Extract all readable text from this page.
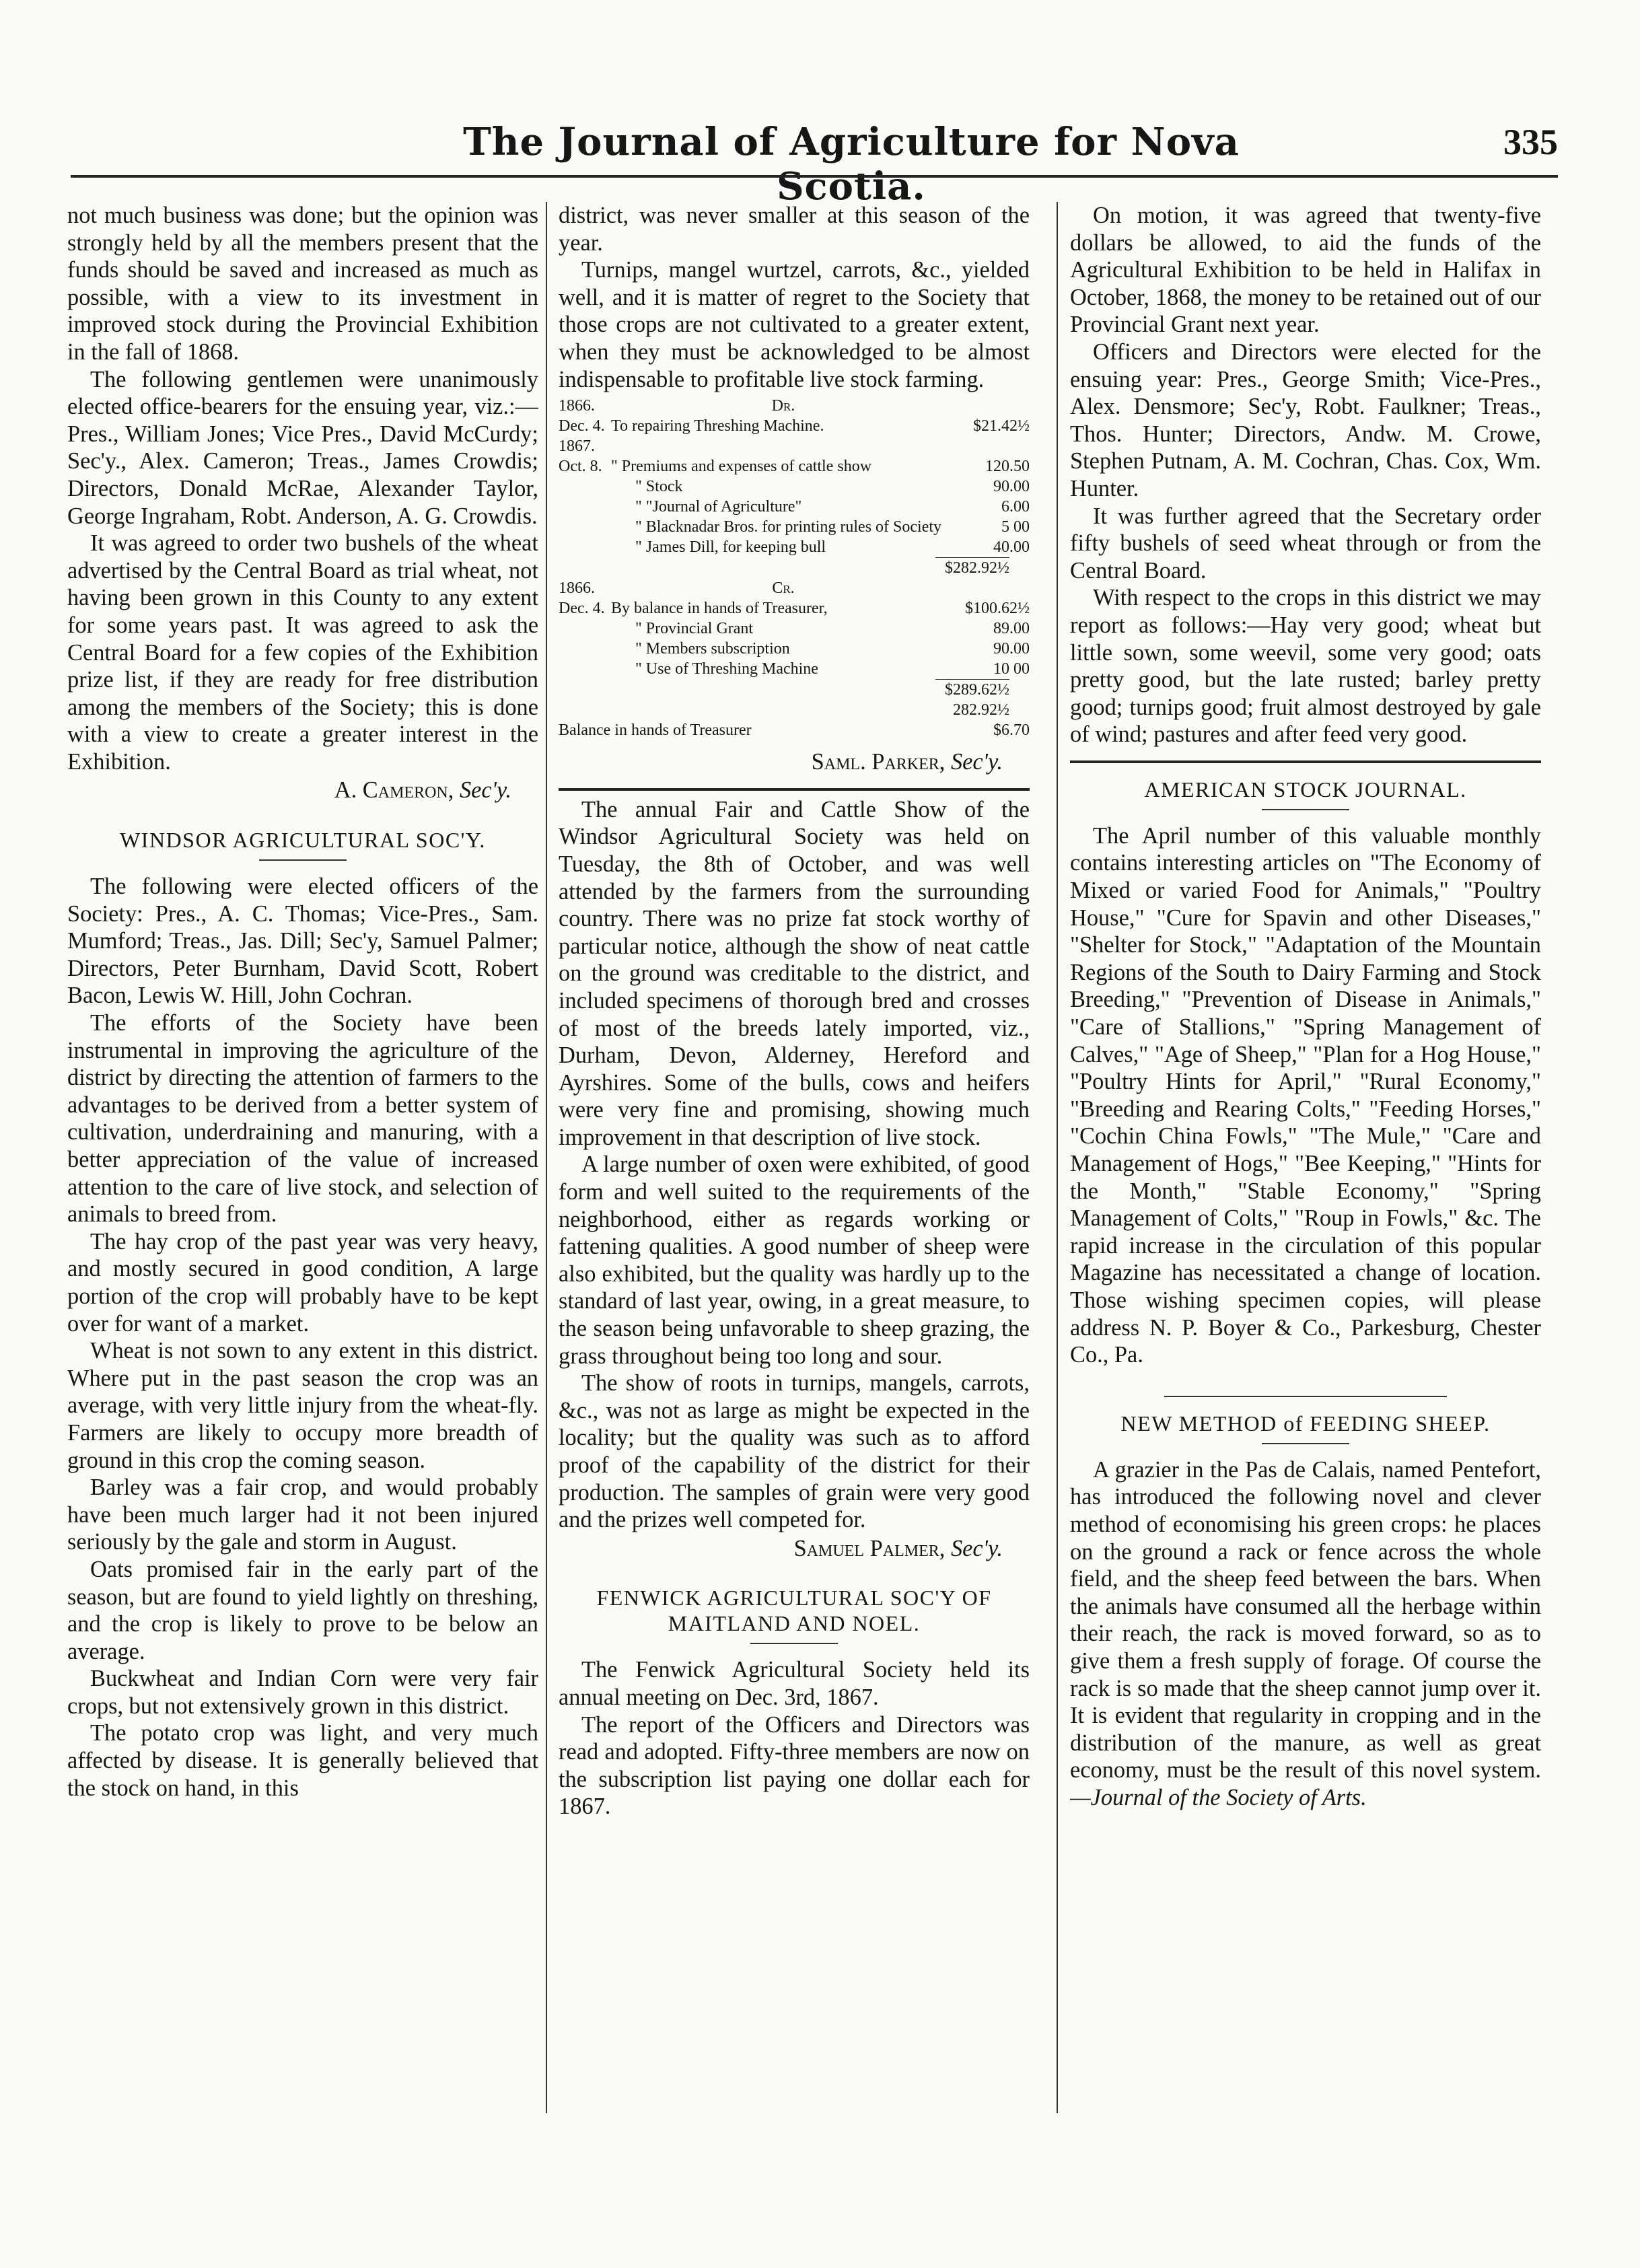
The Journal of Agriculture for Nova Scotia.
335

not much business was done; but the opinion was strongly held by all the members present that the funds should be saved and increased as much as possible, with a view to its investment in improved stock during the Provincial Exhibition in the fall of 1868.

The following gentlemen were unanimously elected office-bearers for the ensuing year, viz.:—Pres., William Jones; Vice Pres., David McCurdy; Sec'y., Alex. Cameron; Treas., James Crowdis; Directors, Donald McRae, Alexander Taylor, George Ingraham, Robt. Anderson, A. G. Crowdis.

It was agreed to order two bushels of the wheat advertised by the Central Board as trial wheat, not having been grown in this County to any extent for some years past. It was agreed to ask the Central Board for a few copies of the Exhibition prize list, if they are ready for free distribution among the members of the Society; this is done with a view to create a greater interest in the Exhibition.

A. Cameron, Sec'y.
WINDSOR AGRICULTURAL SOC'Y.

The following were elected officers of the Society: Pres., A. C. Thomas; Vice-Pres., Sam. Mumford; Treas., Jas. Dill; Sec'y, Samuel Palmer; Directors, Peter Burnham, David Scott, Robert Bacon, Lewis W. Hill, John Cochran.

The efforts of the Society have been instrumental in improving the agriculture of the district by directing the attention of farmers to the advantages to be derived from a better system of cultivation, underdraining and manuring, with a better appreciation of the value of increased attention to the care of live stock, and selection of animals to breed from.

The hay crop of the past year was very heavy, and mostly secured in good condition, A large portion of the crop will probably have to be kept over for want of a market.

Wheat is not sown to any extent in this district. Where put in the past season the crop was an average, with very little injury from the wheat-fly. Farmers are likely to occupy more breadth of ground in this crop the coming season.

Barley was a fair crop, and would probably have been much larger had it not been injured seriously by the gale and storm in August.

Oats promised fair in the early part of the season, but are found to yield lightly on threshing, and the crop is likely to prove to be below an average.

Buckwheat and Indian Corn were very fair crops, but not extensively grown in this district.

The potato crop was light, and very much affected by disease. It is generally believed that the stock on hand, in this

district, was never smaller at this season of the year.

Turnips, mangel wurtzel, carrots, &c., yielded well, and it is matter of regret to the Society that those crops are not cultivated to a greater extent, when they must be acknowledged to be almost indispensable to profitable live stock farming.

1866.	Dr.
Dec. 4. To repairing Threshing Machine.	$21.42½
1867.
Oct. 8. " Premiums and expenses of cattle show	120.50
" Stock	90.00
" "Journal of Agriculture"	6.00
" Blacknadar Bros. for printing rules of Society	5 00
" James Dill, for keeping bull	40.00
$282.92½
1866.	Cr.
Dec. 4. By balance in hands of Treasurer,	$100.62½
" Provincial Grant	89.00
" Members subscription	90.00
" Use of Threshing Machine	10 00
$289.62½
282.92½
Balance in hands of Treasurer	$6.70
Saml. Parker, Sec'y.

The annual Fair and Cattle Show of the Windsor Agricultural Society was held on Tuesday, the 8th of October, and was well attended by the farmers from the surrounding country. There was no prize fat stock worthy of particular notice, although the show of neat cattle on the ground was creditable to the district, and included specimens of thorough bred and crosses of most of the breeds lately imported, viz., Durham, Devon, Alderney, Hereford and Ayrshires. Some of the bulls, cows and heifers were very fine and promising, showing much improvement in that description of live stock.

A large number of oxen were exhibited, of good form and well suited to the requirements of the neighborhood, either as regards working or fattening qualities. A good number of sheep were also exhibited, but the quality was hardly up to the standard of last year, owing, in a great measure, to the season being unfavorable to sheep grazing, the grass throughout being too long and sour.

The show of roots in turnips, mangels, carrots, &c., was not as large as might be expected in the locality; but the quality was such as to afford proof of the capability of the district for their production. The samples of grain were very good and the prizes well competed for.

Samuel Palmer, Sec'y.
FENWICK AGRICULTURAL SOC'Y OF MAITLAND AND NOEL.

The Fenwick Agricultural Society held its annual meeting on Dec. 3rd, 1867.

The report of the Officers and Directors was read and adopted. Fifty-three members are now on the subscription list paying one dollar each for 1867.

On motion, it was agreed that twenty-five dollars be allowed, to aid the funds of the Agricultural Exhibition to be held in Halifax in October, 1868, the money to be retained out of our Provincial Grant next year.

Officers and Directors were elected for the ensuing year: Pres., George Smith; Vice-Pres., Alex. Densmore; Sec'y, Robt. Faulkner; Treas., Thos. Hunter; Directors, Andw. M. Crowe, Stephen Putnam, A. M. Cochran, Chas. Cox, Wm. Hunter.

It was further agreed that the Secretary order fifty bushels of seed wheat through or from the Central Board.

With respect to the crops in this district we may report as follows:—Hay very good; wheat but little sown, some weevil, some very good; oats pretty good, but the late rusted; barley pretty good; turnips good; fruit almost destroyed by gale of wind; pastures and after feed very good.

AMERICAN STOCK JOURNAL.

The April number of this valuable monthly contains interesting articles on "The Economy of Mixed or varied Food for Animals," "Poultry House," "Cure for Spavin and other Diseases," "Shelter for Stock," "Adaptation of the Mountain Regions of the South to Dairy Farming and Stock Breeding," "Prevention of Disease in Animals," "Care of Stallions," "Spring Management of Calves," "Age of Sheep," "Plan for a Hog House," "Poultry Hints for April," "Rural Economy," "Breeding and Rearing Colts," "Feeding Horses," "Cochin China Fowls," "The Mule," "Care and Management of Hogs," "Bee Keeping," "Hints for the Month," "Stable Economy," "Spring Management of Colts," "Roup in Fowls," &c. The rapid increase in the circulation of this popular Magazine has necessitated a change of location. Those wishing specimen copies, will please address N. P. Boyer & Co., Parkesburg, Chester Co., Pa.

NEW METHOD of FEEDING SHEEP.

A grazier in the Pas de Calais, named Pentefort, has introduced the following novel and clever method of economising his green crops: he places on the ground a rack or fence across the whole field, and the sheep feed between the bars. When the animals have consumed all the herbage within their reach, the rack is moved forward, so as to give them a fresh supply of forage. Of course the rack is so made that the sheep cannot jump over it. It is evident that regularity in cropping and in the distribution of the manure, as well as great economy, must be the result of this novel system.—Journal of the Society of Arts.
